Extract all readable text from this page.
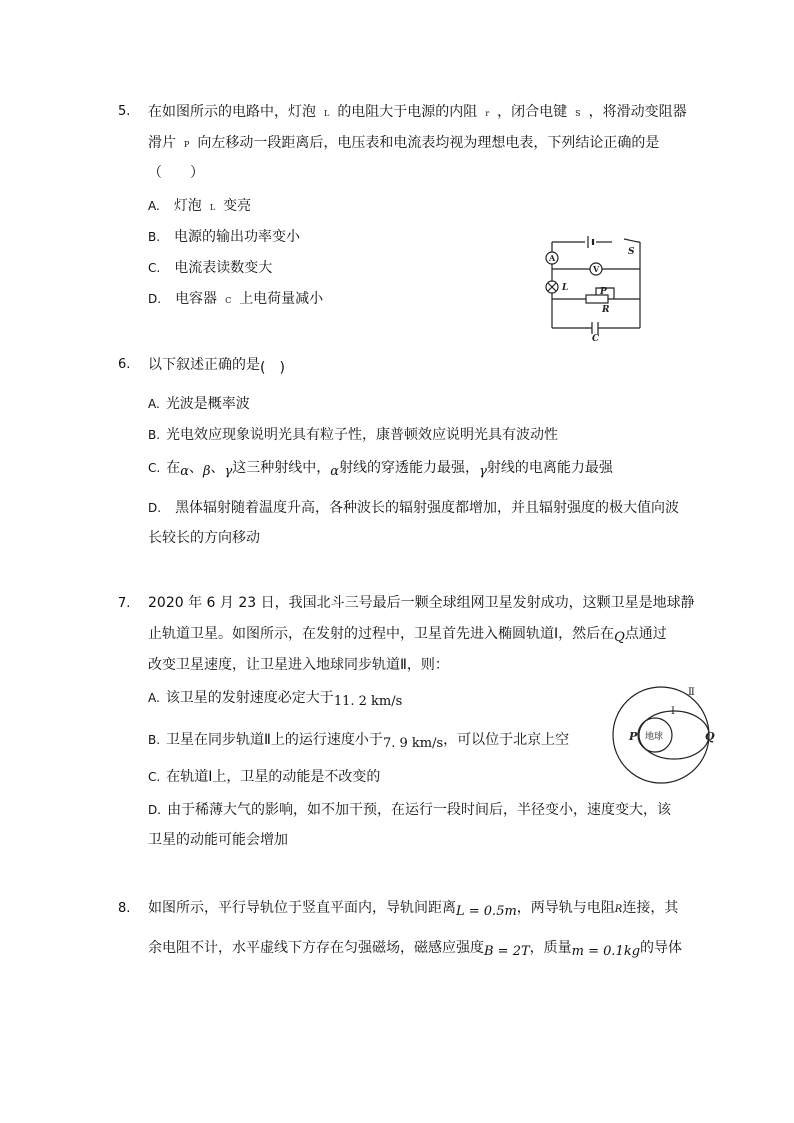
5. 在如图所示的电路中，灯泡 L 的电阻大于电源的内阻 r ，闭合电键 S ，将滑动变阻器
滑片 P 向左移动一段距离后，电压表和电流表均视为理想电表，下列结论正确的是
（　　）
A. 灯泡 L 变亮
B. 电源的输出功率变小
C. 电流表读数变大
D. 电容器 C 上电荷量减小
S
A
V
L	P
R
C
6. 以下叙述正确的是(　)
A. 光波是概率波
B. 光电效应现象说明光具有粒子性，康普顿效应说明光具有波动性
C. 在α、β、γ这三种射线中，α射线的穿透能力最强，γ射线的电离能力最强
D. 黑体辐射随着温度升高，各种波长的辐射强度都增加，并且辐射强度的极大值向波
长较长的方向移动
7. 2020 年 6 月 23 日，我国北斗三号最后一颗全球组网卫星发射成功，这颗卫星是地球静
止轨道卫星。如图所示，在发射的过程中，卫星首先进入椭圆轨道Ⅰ，然后在Q点通过
改变卫星速度，让卫星进入地球同步轨道Ⅱ，则：
A. 该卫星的发射速度必定大于11. 2 km/s
B. 卫星在同步轨道Ⅱ上的运行速度小于7. 9 km/s，可以位于北京上空
C. 在轨道Ⅰ上，卫星的动能是不改变的
D. 由于稀薄大气的影响，如不加干预，在运行一段时间后，半径变小，速度变大，该
卫星的动能可能会增加
Ⅱ
Ⅰ
P 地球	Q
8. 如图所示，平行导轨位于竖直平面内，导轨间距离L = 0.5m，两导轨与电阻R连接，其
余电阻不计，水平虚线下方存在匀强磁场，磁感应强度B = 2T，质量m = 0.1kg的导体
